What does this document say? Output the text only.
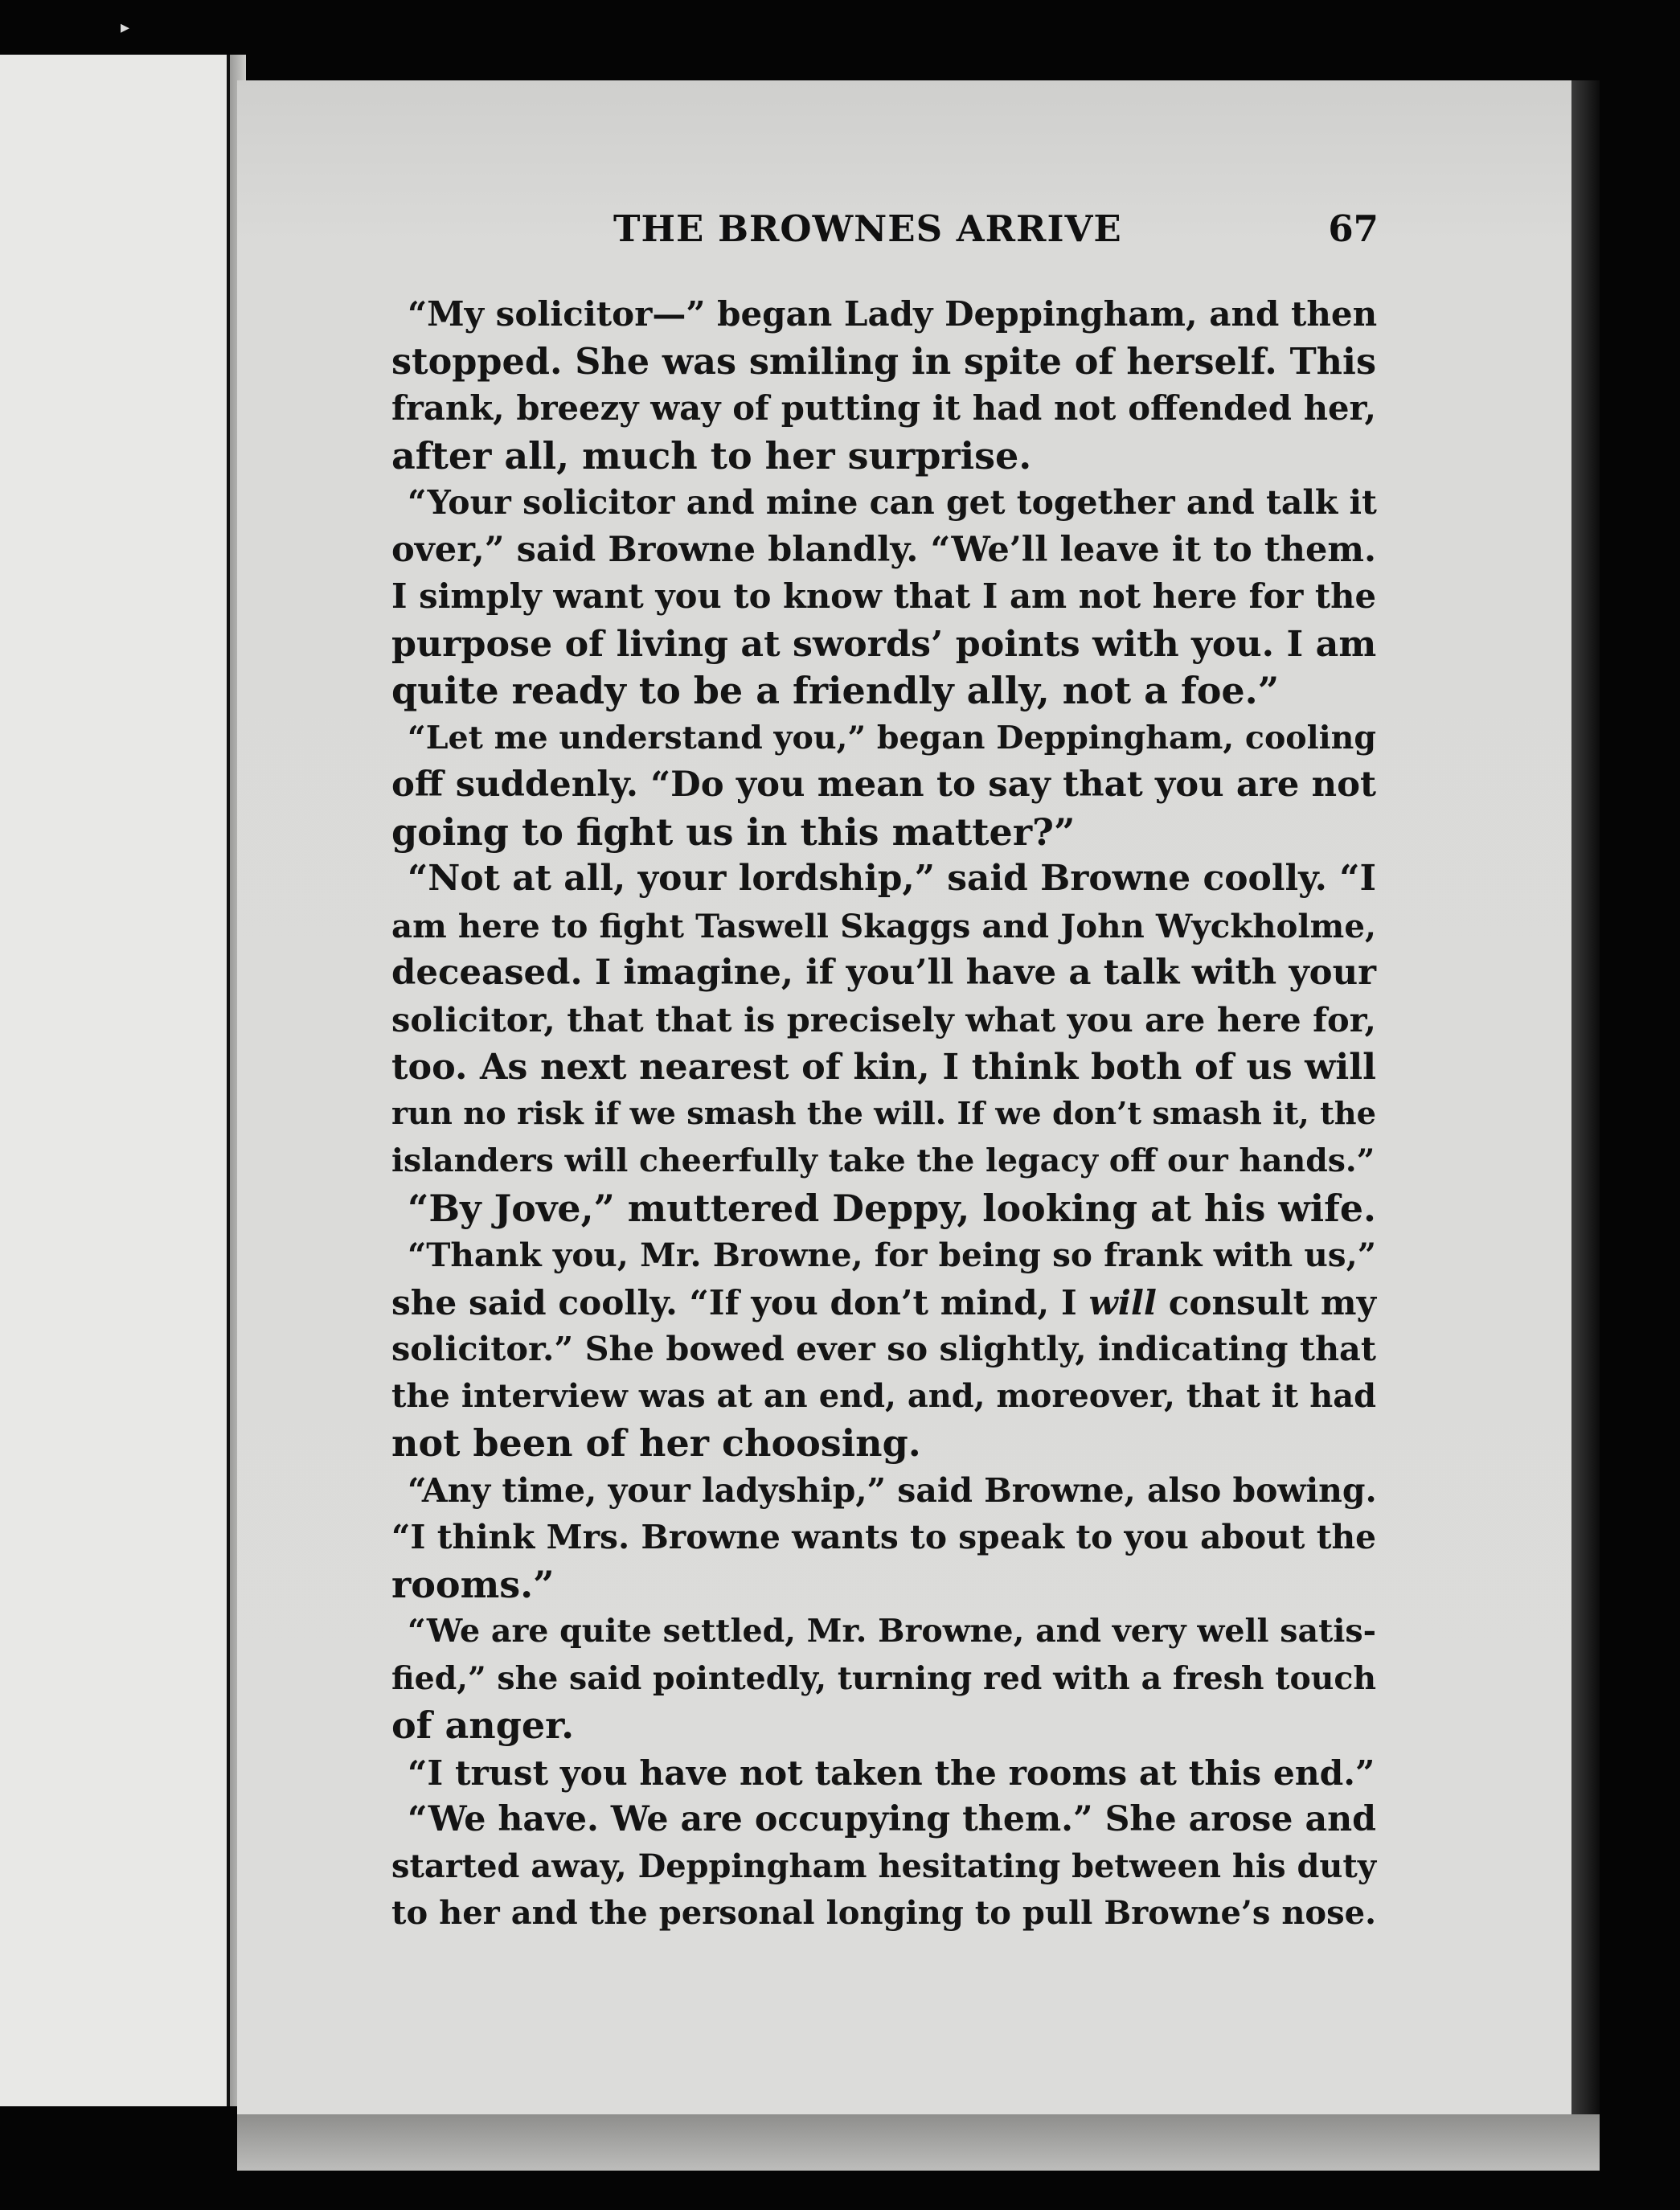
▸
THE BROWNES ARRIVE	67
“My solicitor—” began Lady Deppingham, and then
stopped. She was smiling in spite of herself. This
frank, breezy way of putting it had not offended her,
after all, much to her surprise.
“Your solicitor and mine can get together and talk it
over,” said Browne blandly. “We’ll leave it to them.
I simply want you to know that I am not here for the
purpose of living at swords’ points with you. I am
quite ready to be a friendly ally, not a foe.”
“Let me understand you,” began Deppingham, cooling
off suddenly. “Do you mean to say that you are not
going to fight us in this matter?”
“Not at all, your lordship,” said Browne coolly. “I
am here to fight Taswell Skaggs and John Wyckholme,
deceased. I imagine, if you’ll have a talk with your
solicitor, that that is precisely what you are here for,
too. As next nearest of kin, I think both of us will
run no risk if we smash the will. If we don’t smash it, the
islanders will cheerfully take the legacy off our hands.”
“By Jove,” muttered Deppy, looking at his wife.
“Thank you, Mr. Browne, for being so frank with us,”
she said coolly. “If you don’t mind, I will consult my
solicitor.” She bowed ever so slightly, indicating that
the interview was at an end, and, moreover, that it had
not been of her choosing.
“Any time, your ladyship,” said Browne, also bowing.
“I think Mrs. Browne wants to speak to you about the
rooms.”
“We are quite settled, Mr. Browne, and very well satis-
fied,” she said pointedly, turning red with a fresh touch
of anger.
“I trust you have not taken the rooms at this end.”
“We have. We are occupying them.” She arose and
started away, Deppingham hesitating between his duty
to her and the personal longing to pull Browne’s nose.
